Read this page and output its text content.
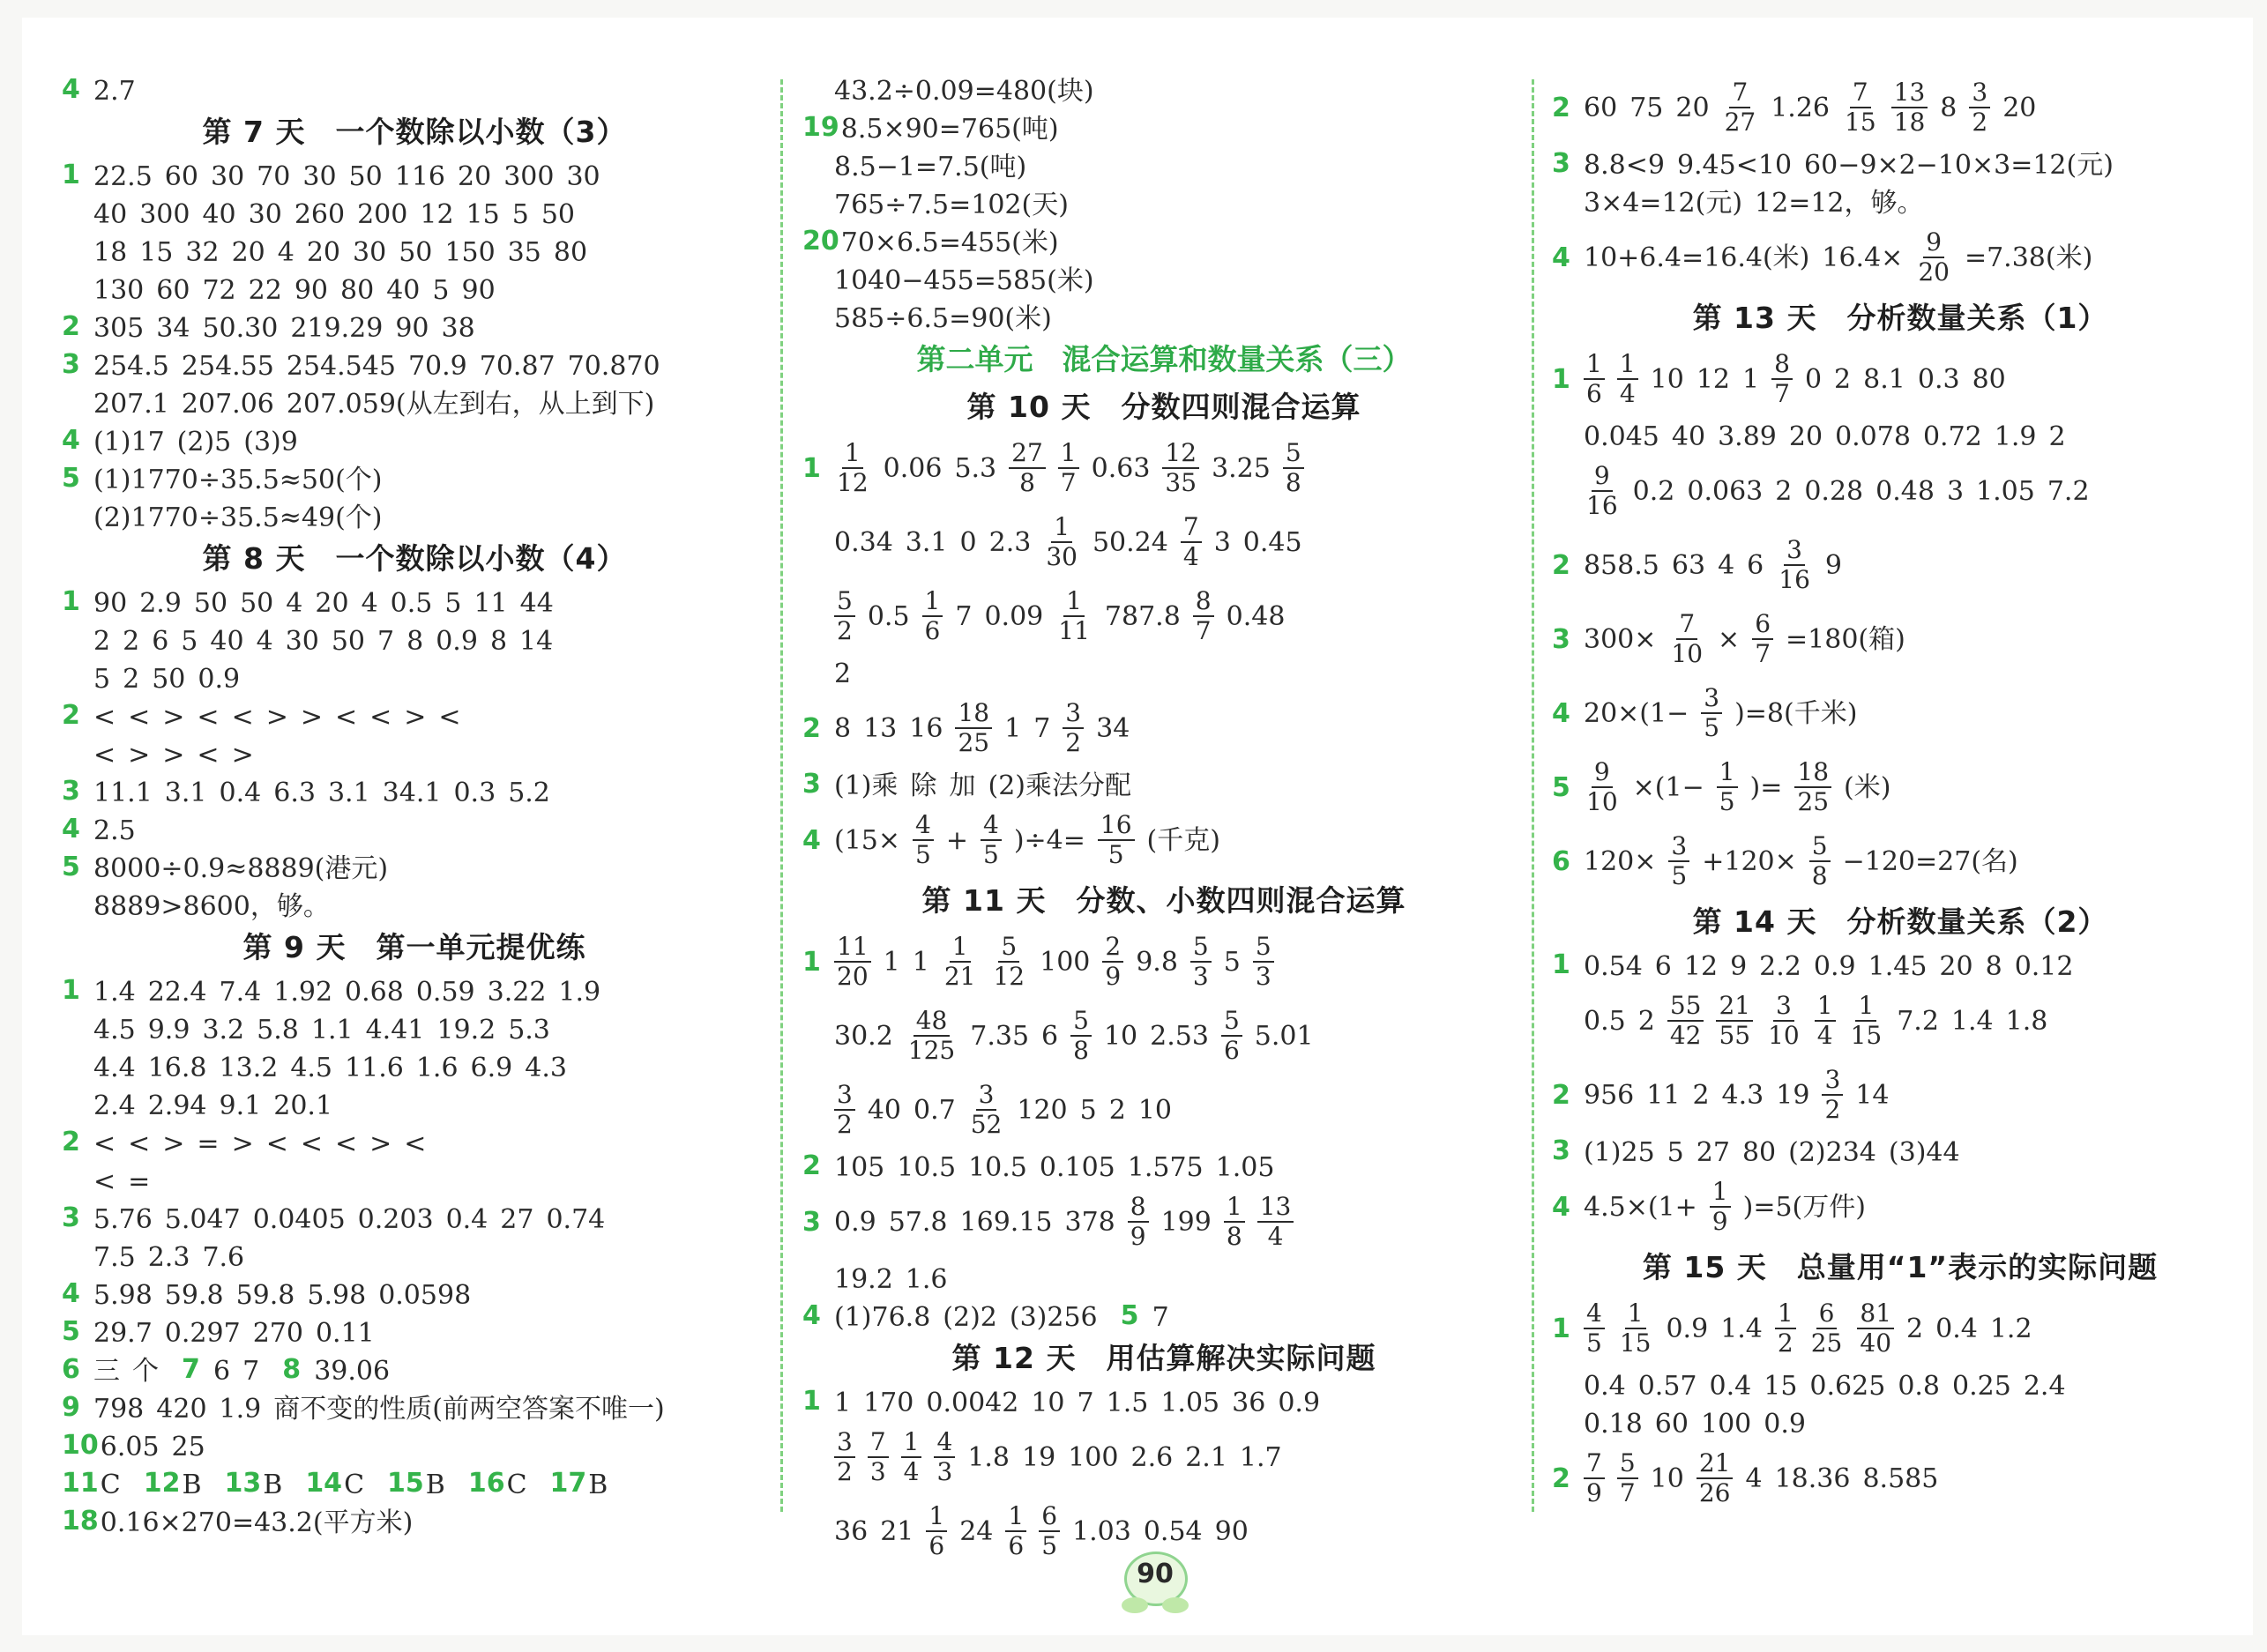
4 2.7
第 7 天　一个数除以小数（3）
1 22.5 60 30 70 30 50 116 20 300 30
40 300 40 30 260 200 12 15 5 50
18 15 32 20 4 20 30 50 150 35 80
130 60 72 22 90 80 40 5 90
2 305 34 50.30 219.29 90 38
3 254.5 254.55 254.545 70.9 70.87 70.870
207.1 207.06 207.059(从左到右，从上到下)
4 (1)17 (2)5 (3)9
5 (1)1770÷35.5≈50(个)
(2)1770÷35.5≈49(个)
第 8 天　一个数除以小数（4）
1 90 2.9 50 50 4 20 4 0.5 5 11 44
2 2 6 5 40 4 30 50 7 8 0.9 8 14
5 2 50 0.9
2 < < > < < > > < < > <
< > > < >
3 11.1 3.1 0.4 6.3 3.1 34.1 0.3 5.2
4 2.5
5 8000÷0.9≈8889(港元)
8889>8600，够。
第 9 天　第一单元提优练
1 1.4 22.4 7.4 1.92 0.68 0.59 3.22 1.9
4.5 9.9 3.2 5.8 1.1 4.41 19.2 5.3
4.4 16.8 13.2 4.5 11.6 1.6 6.9 4.3
2.4 2.94 9.1 20.1
2 < < > = > < < < > <
< =
3 5.76 5.047 0.0405 0.203 0.4 27 0.74
7.5 2.3 7.6
4 5.98 59.8 59.8 5.98 0.0598
5 29.7 0.297 270 0.11
6 三 个 7 6 7 8 39.06
9 798 420 1.9 商不变的性质(前两空答案不唯一)
106.05 25
11C 12B 13B 14C 15B 16C 17B
180.16×270=43.2(平方米)
43.2÷0.09=480(块)
198.5×90=765(吨)
8.5−1=7.5(吨)
765÷7.5=102(天)
2070×6.5=455(米)
1040−455=585(米)
585÷6.5=90(米)
第二单元　混合运算和数量关系（三）
第 10 天　分数四则混合运算
$1 \frac{1}{12} 0.06$ $5.3 \frac{27}{8} \frac{1}{7} 0.63 \frac{12}{35} 3.25 \frac{5}{8}$
0.34 3.1 0 $2.3 \frac{1}{30} 50.24 \frac{7}{4} 3$ 0.45
$\frac{5}{2} 0.5 \frac{1}{6} 7$ $0.09 \frac{1}{11} 787.8 \frac{8}{7} 0.48$
2
2 8 13 $16 \frac{18}{25} 1$ $7 \frac{3}{2} 34$
3 (1)乘 除 加 (2)乘法分配
4 $(15\times \frac{4}{5} + \frac{4}{5} )\div 4= \frac{16}{5}$ (千克)
第 11 天　分数、小数四则混合运算
$1 \frac{11}{20} 1$ $1 \frac{1}{21} \frac{5}{12} 100 \frac{2}{9} 9.8 \frac{5}{3} 5 \frac{5}{3}$
$30.2 \frac{48}{125} 7.35$ $6 \frac{5}{8} 10$ $2.53 \frac{5}{6} 5.01$
$\frac{3}{2} 40$ $0.7 \frac{3}{52} 120$ 5 2 10
2 105 10.5 10.5 0.105 1.575 1.05
3 0.9 57.8 169.15 $378 \frac{8}{9} 199 \frac{1}{8} \frac{13}{4}$
19.2 1.6
4 (1)76.8 (2)2 (3)256 5 7
第 12 天　用估算解决实际问题
1 1 170 0.0042 10 7 1.5 1.05 36 0.9
$\frac{3}{2} \frac{7}{3} \frac{1}{4} \frac{4}{3} 1.8$ 19 100 2.6 2.1 1.7
36 $21 \frac{1}{6} 24 \frac{1}{6} \frac{6}{5} 1.03$ 0.54 90
2 60 75 $20 \frac{7}{27} 1.26 \frac{7}{15} \frac{13}{18} 8 \frac{3}{2} 20$
3 8.8<9 9.45<10 60−9×2−10×3=12(元)
3×4=12(元) 12=12，够。
4 10+6.4=16.4(米) $16.4\times \frac{9}{20} =7.38$(米)
第 13 天　分析数量关系（1）
$1 \frac{1}{6} \frac{1}{4} 10$ 12 $1 \frac{8}{7} 0$ 2 8.1 0.3 80
0.045 40 3.89 20 0.078 0.72 1.9 2
$\frac{9}{16} 0.2$ 0.063 2 0.28 0.48 3 1.05 7.2
2 858.5 63 4 $6 \frac{3}{16} 9$
3 $300\times \frac{7}{10} \times \frac{6}{7} =180$(箱)
4 $20\times(1- \frac{3}{5} )=8$(千米)
$5 \frac{9}{10} \times(1- \frac{1}{5}$ )= $\frac{18}{25}$ (米)
6 $120\times \frac{3}{5} +120\times \frac{5}{8} -120=27$(名)
第 14 天　分析数量关系（2）
1 0.54 6 12 9 2.2 0.9 1.45 20 8 0.12
0.5 $2 \frac{55}{42} \frac{21}{55} \frac{3}{10} \frac{1}{4} \frac{1}{15} 7.2$ 1.4 1.8
2 956 11 2 4.3 $19 \frac{3}{2} 14$
3 (1)25 5 27 80 (2)234 (3)44
4 $4.5\times(1+ \frac{1}{9} )=5$(万件)
第 15 天　总量用“1”表示的实际问题
$1 \frac{4}{5} \frac{1}{15} 0.9$ $1.4 \frac{1}{2} \frac{6}{25} \frac{81}{40} 2$ 0.4 1.2
0.4 0.57 0.4 15 0.625 0.8 0.25 2.4
0.18 60 100 0.9
$2 \frac{7}{9} \frac{5}{7} 10 \frac{21}{26} 4$ 18.36 8.585
90
